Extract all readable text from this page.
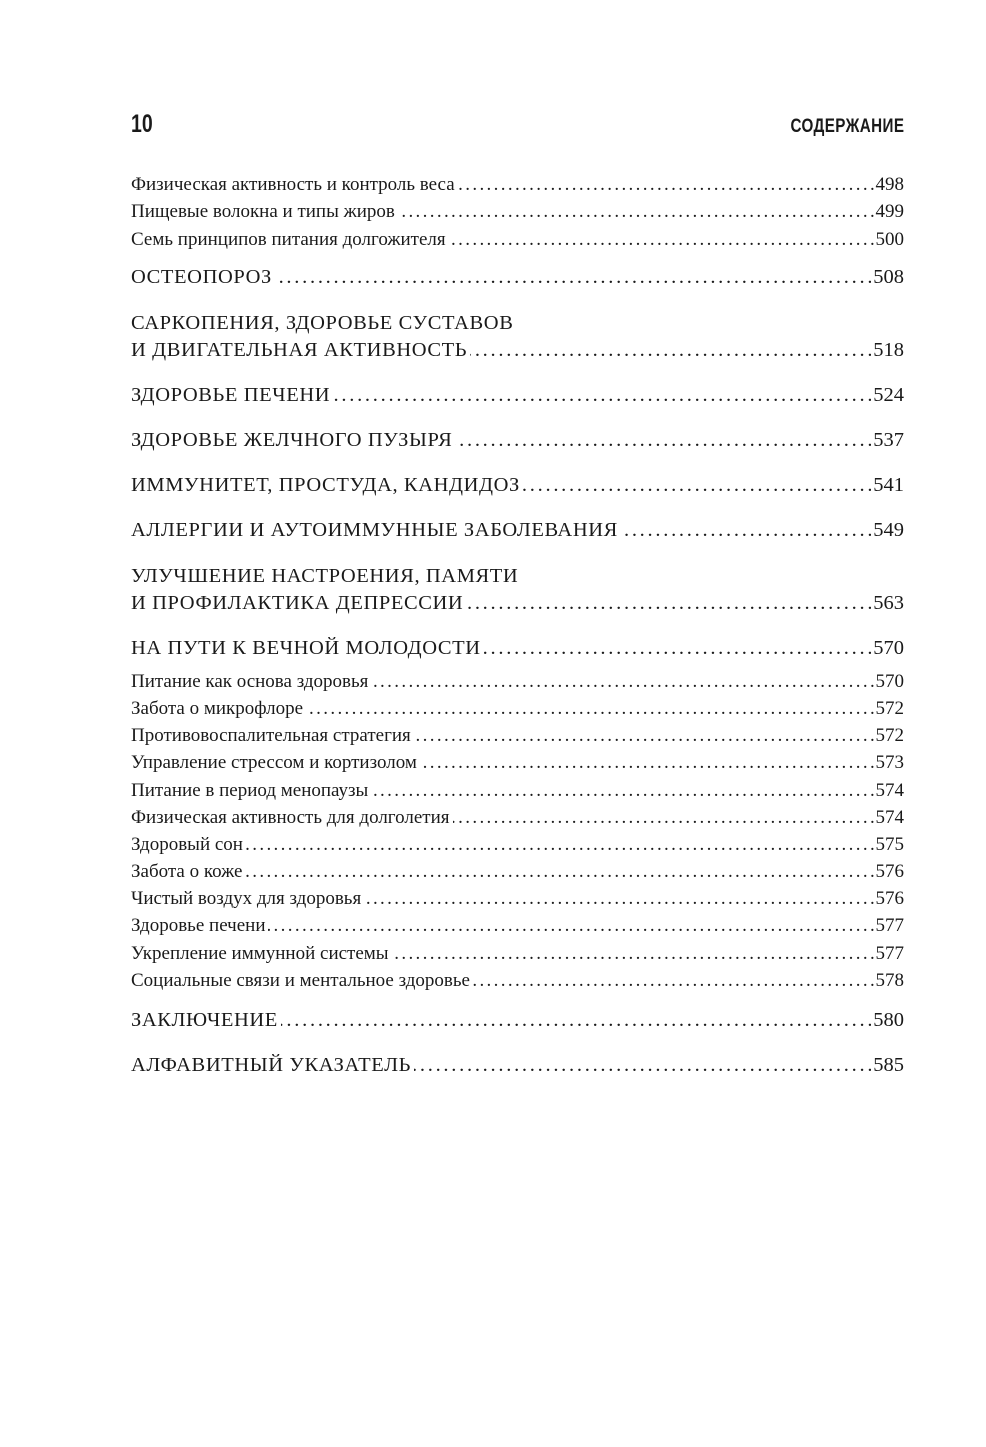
10	СОДЕРЖАНИЕ
Физическая активность и контроль веса . . .	498
Пищевые волокна и типы жиров . . .	499
Семь принципов питания долгожителя . . .	500
ОСТЕОПОРОЗ . . .	508
САРКОПЕНИЯ, ЗДОРОВЬЕ СУСТАВОВ
И ДВИГАТЕЛЬНАЯ АКТИВНОСТЬ . . .	518
ЗДОРОВЬЕ ПЕЧЕНИ . . .	524
ЗДОРОВЬЕ ЖЕЛЧНОГО ПУЗЫРЯ . . .	537
ИММУНИТЕТ, ПРОСТУДА, КАНДИДОЗ . . .	541
АЛЛЕРГИИ И АУТОИММУННЫЕ ЗАБОЛЕВАНИЯ . . .	549
УЛУЧШЕНИЕ НАСТРОЕНИЯ, ПАМЯТИ
И ПРОФИЛАКТИКА ДЕПРЕССИИ . . .	563
НА ПУТИ К ВЕЧНОЙ МОЛОДОСТИ . . .	570
Питание как основа здоровья . . .	570
Забота о микрофлоре . . .	572
Противовоспалительная стратегия . . .	572
Управление стрессом и кортизолом . . .	573
Питание в период менопаузы . . .	574
Физическая активность для долголетия . . .	574
Здоровый сон . . .	575
Забота о коже . . .	576
Чистый воздух для здоровья . . .	576
Здоровье печени . . .	577
Укрепление иммунной системы . . .	577
Социальные связи и ментальное здоровье . . .	578
ЗАКЛЮЧЕНИЕ . . .	580
АЛФАВИТНЫЙ УКАЗАТЕЛЬ . . .	585
